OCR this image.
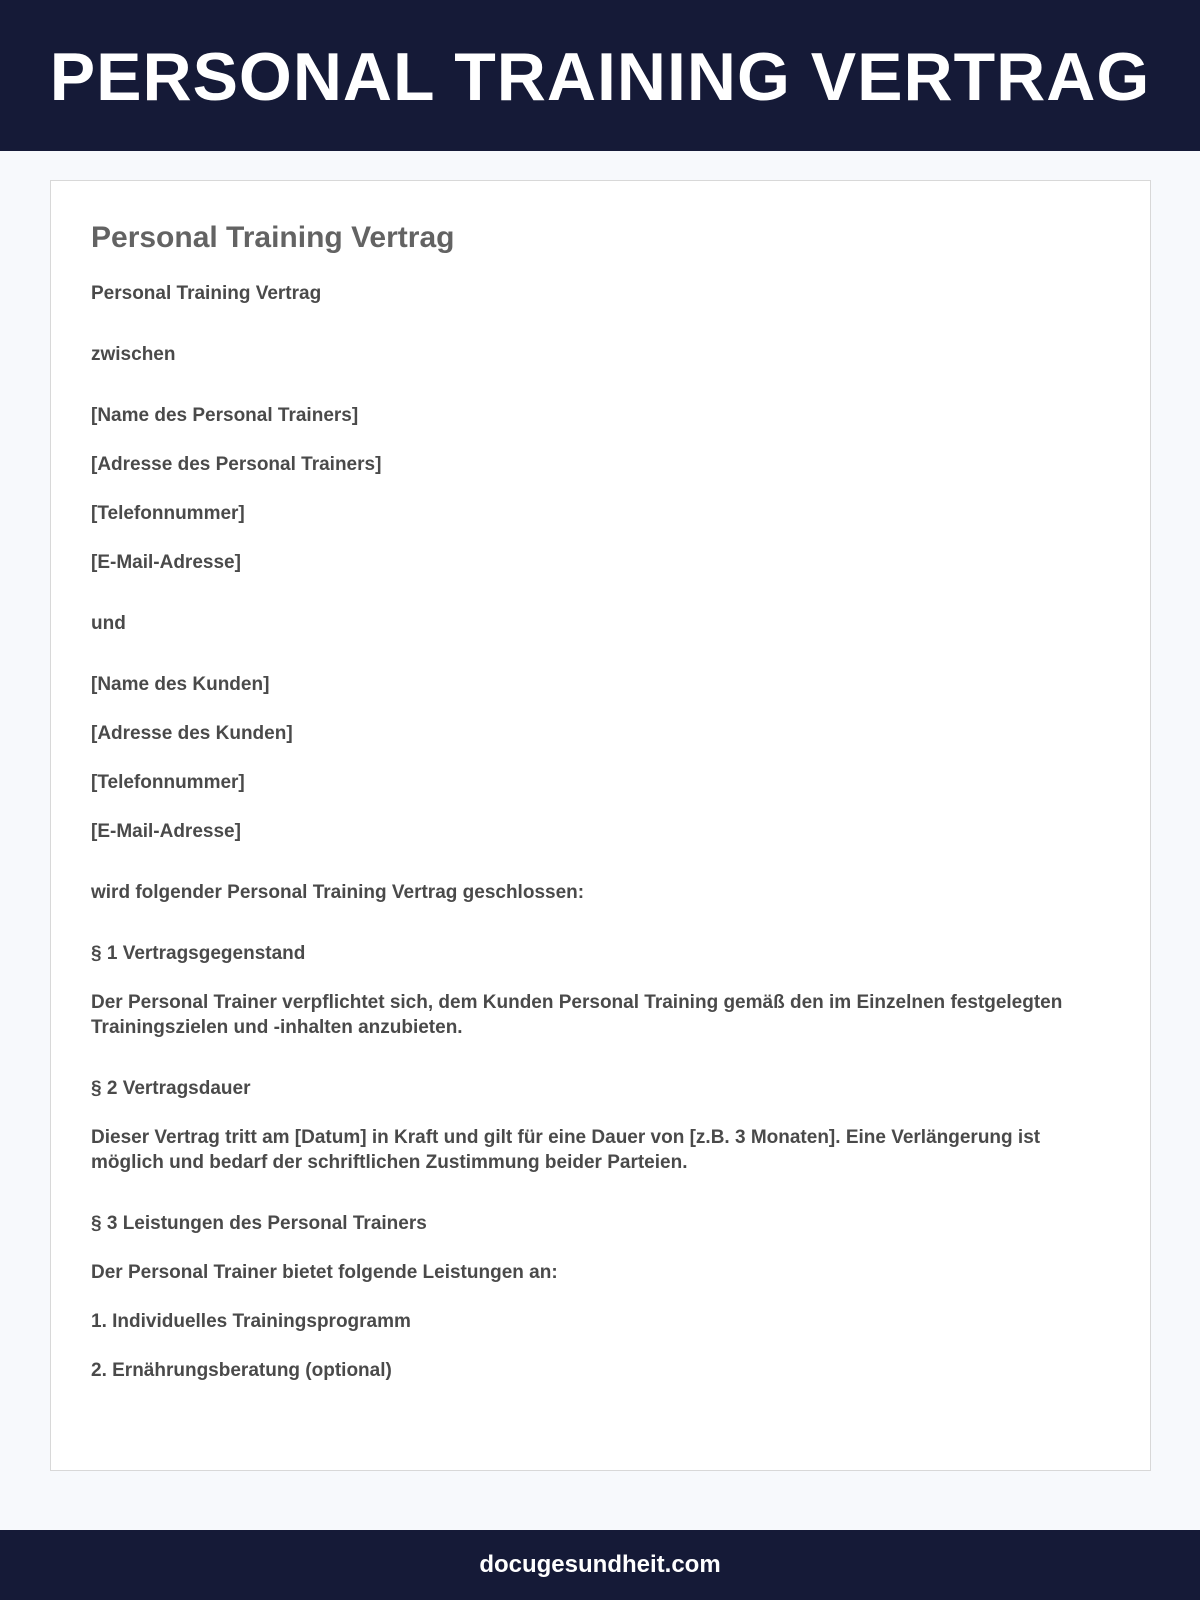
PERSONAL TRAINING VERTRAG
Personal Training Vertrag

Personal Training Vertrag

zwischen

[Name des Personal Trainers]

[Adresse des Personal Trainers]

[Telefonnummer]

[E-Mail-Adresse]

und

[Name des Kunden]

[Adresse des Kunden]

[Telefonnummer]

[E-Mail-Adresse]

wird folgender Personal Training Vertrag geschlossen:

§ 1 Vertragsgegenstand

Der Personal Trainer verpflichtet sich, dem Kunden Personal Training gemäß den im Einzelnen festgelegten Trainingszielen und -inhalten anzubieten.

§ 2 Vertragsdauer

Dieser Vertrag tritt am [Datum] in Kraft und gilt für eine Dauer von [z.B. 3 Monaten]. Eine Verlängerung ist möglich und bedarf der schriftlichen Zustimmung beider Parteien.

§ 3 Leistungen des Personal Trainers

Der Personal Trainer bietet folgende Leistungen an:

1. Individuelles Trainingsprogramm

2. Ernährungsberatung (optional)

docugesundheit.com
